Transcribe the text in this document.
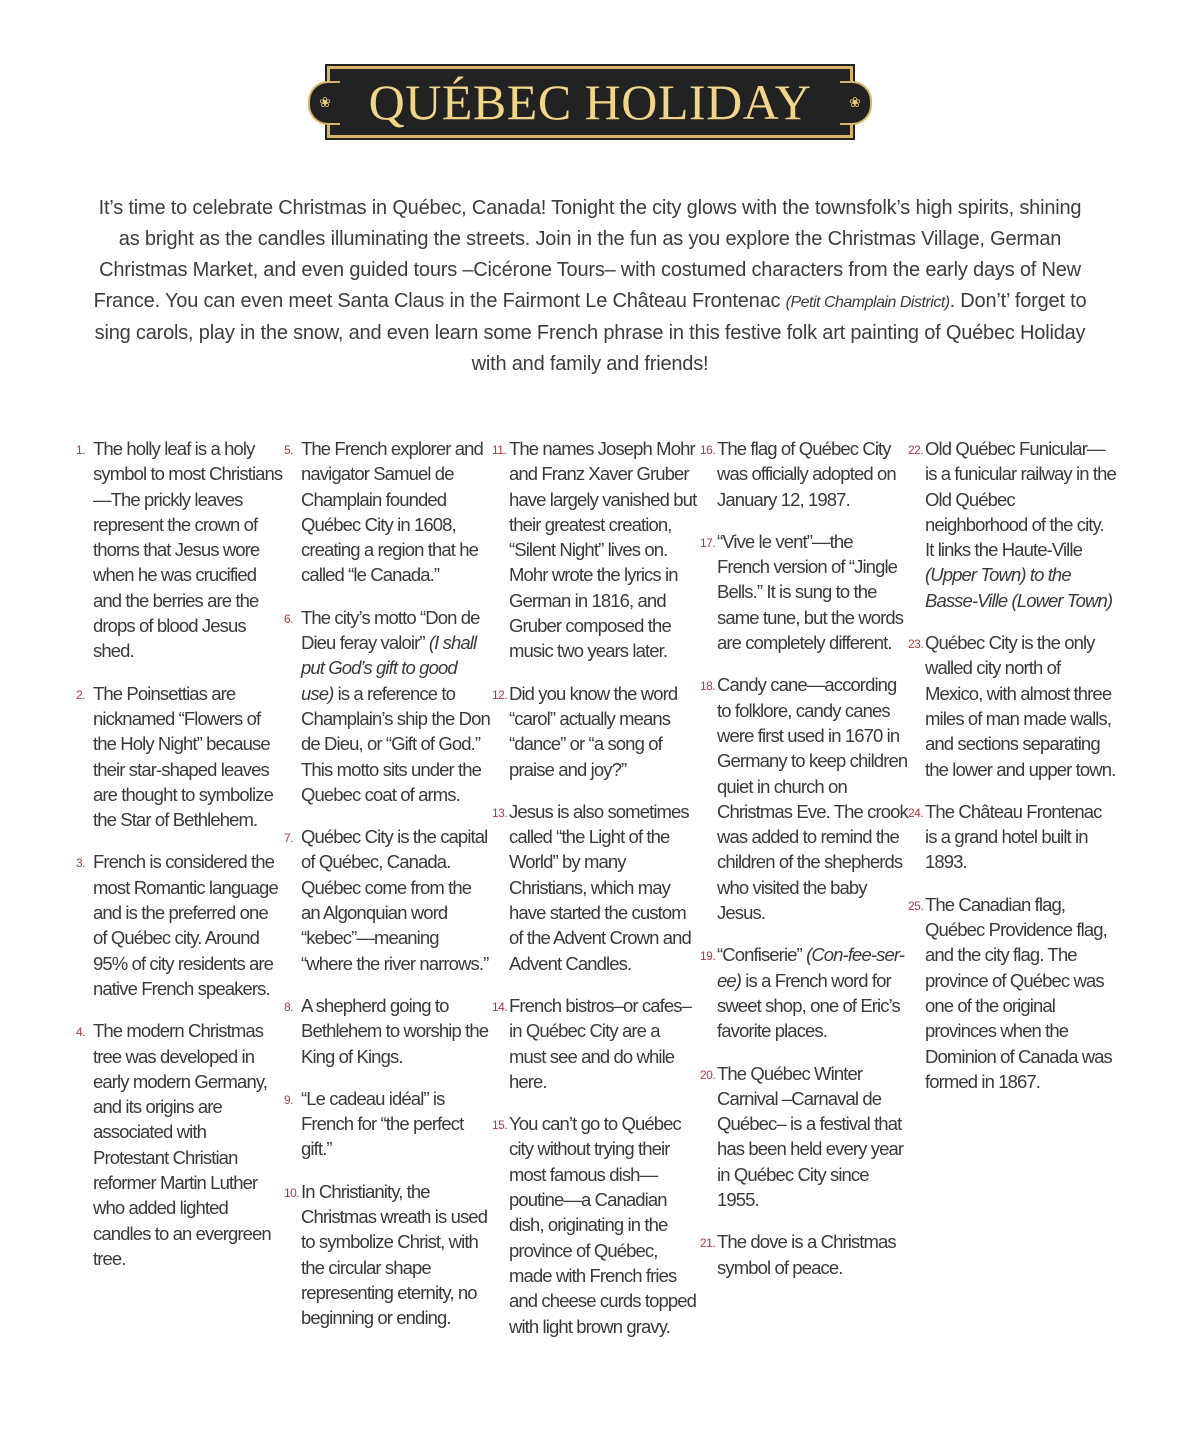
❀ QUÉBEC HOLIDAY	❀

It’s time to celebrate Christmas in Québec, Canada! Tonight the city glows with the townsfolk’s high spirits, shining as bright as the candles illuminating the streets. Join in the fun as you explore the Christmas Village, German Christmas Market, and even guided tours –Cicérone Tours– with costumed characters from the early days of New France. You can even meet Santa Claus in the Fairmont Le Château Frontenac (Petit Champlain District). Don’t’ forget to sing carols, play in the snow, and even learn some French phrase in this festive folk art painting of Québec Holiday with and family and friends!

1. The holly leaf is a holy symbol to most Christians—The prickly leaves represent the crown of thorns that Jesus wore when he was crucified and the berries are the drops of blood Jesus shed.
2. The Poinsettias are nicknamed “Flowers of the Holy Night” because their star-shaped leaves are thought to symbolize the Star of Bethlehem.
3. French is considered the most Romantic language and is the preferred one of Québec city. Around 95% of city residents are native French speakers.
4. The modern Christmas tree was developed in early modern Germany, and its origins are associated with Protestant Christian reformer Martin Luther who added lighted candles to an evergreen tree.
5. The French explorer and navigator Samuel de Champlain founded Québec City in 1608, creating a region that he called “le Canada.”
6. The city’s motto “Don de Dieu feray valoir” (I shall put God’s gift to good use) is a reference to Champlain’s ship the Don de Dieu, or “Gift of God.” This motto sits under the Quebec coat of arms.
7. Québec City is the capital of Québec, Canada. Québec come from the an Algonquian word “kebec”—meaning “where the river narrows.”
8. A shepherd going to Bethlehem to worship the King of Kings.
9. “Le cadeau idéal” is French for “the perfect gift.”
10. In Christianity, the Christmas wreath is used to symbolize Christ, with the circular shape representing eternity, no beginning or ending.
11. The names Joseph Mohr and Franz Xaver Gruber have largely vanished but their greatest creation, “Silent Night” lives on. Mohr wrote the lyrics in German in 1816, and Gruber composed the music two years later.
12. Did you know the word “carol” actually means “dance” or “a song of praise and joy?”
13. Jesus is also sometimes called “the Light of the World” by many Christians, which may have started the custom of the Advent Crown and Advent Candles.
14. French bistros–or cafes– in Québec City are a must see and do while here.
15. You can’t go to Québec city without trying their most famous dish—poutine—a Canadian dish, originating in the province of Québec, made with French fries and cheese curds topped with light brown gravy.
16. The flag of Québec City was officially adopted on January 12, 1987.
17. “Vive le vent”—the French version of “Jingle Bells.” It is sung to the same tune, but the words are completely different.
18. Candy cane—according to folklore, candy canes were first used in 1670 in Germany to keep children quiet in church on Christmas Eve. The crook was added to remind the children of the shepherds who visited the baby Jesus.
19. “Confiserie” (Con-fee-ser-ee) is a French word for sweet shop, one of Eric’s favorite places.
20. The Québec Winter Carnival –Carnaval de Québec– is a festival that has been held every year in Québec City since 1955.
21. The dove is a Christmas symbol of peace.
22. Old Québec Funicular—is a funicular railway in the Old Québec neighborhood of the city. It links the Haute-Ville (Upper Town) to the Basse-Ville (Lower Town)
23. Québec City is the only walled city north of Mexico, with almost three miles of man made walls, and sections separating the lower and upper town.
24. The Château Frontenac is a grand hotel built in 1893.
25. The Canadian flag, Québec Providence flag, and the city flag. The province of Québec was one of the original provinces when the Dominion of Canada was formed in 1867.
